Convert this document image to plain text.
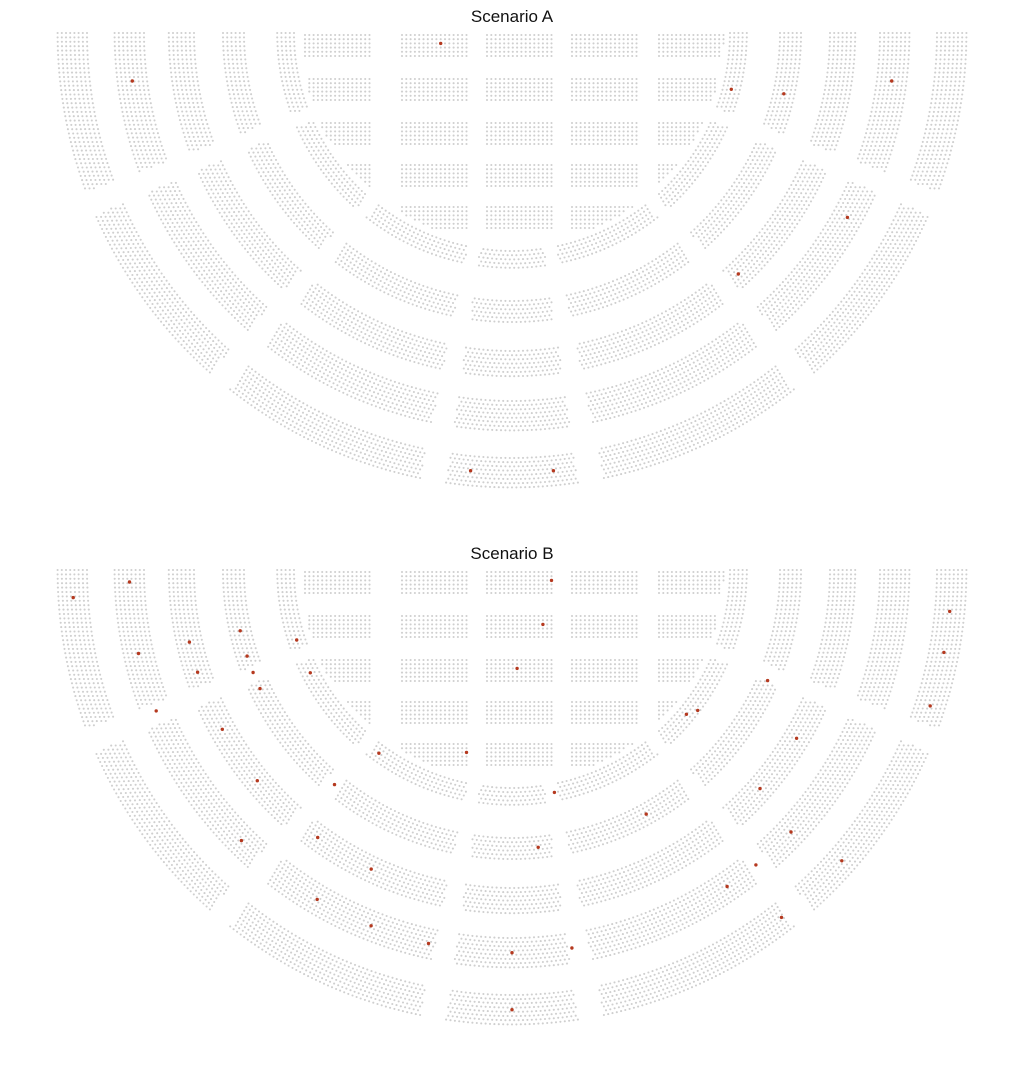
Scenario A
Scenario B
